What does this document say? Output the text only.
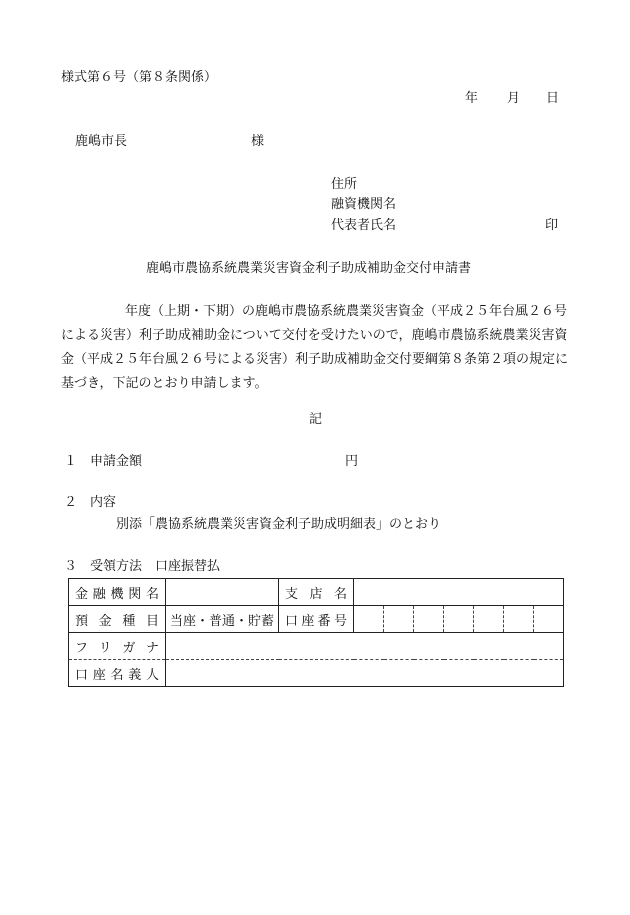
様式第６号（第８条関係）
年 月 日
鹿嶋市長	様
住所
融資機関名
代表者氏名	印
鹿嶋市農協系統農業災害資金利子助成補助金交付申請書
年度（上期・下期）の鹿嶋市農協系統農業災害資金（平成２５年台風２６号による災害）利子助成補助金について交付を受けたいので，鹿嶋市農協系統農業災害資金（平成２５年台風２６号による災害）利子助成補助金交付要綱第８条第２項の規定に基づき，下記のとおり申請します。
記
１　申請金額	円
２　内容
別添「農協系統農業災害資金利子助成明細表」のとおり
３　受領方法　口座振替払
金 融 機 関 名		支 店 名	

預 金 種 目	当座・普通・貯蓄	口 座 番 号	

フ リ ガ ナ			

口 座 名 義 人			
